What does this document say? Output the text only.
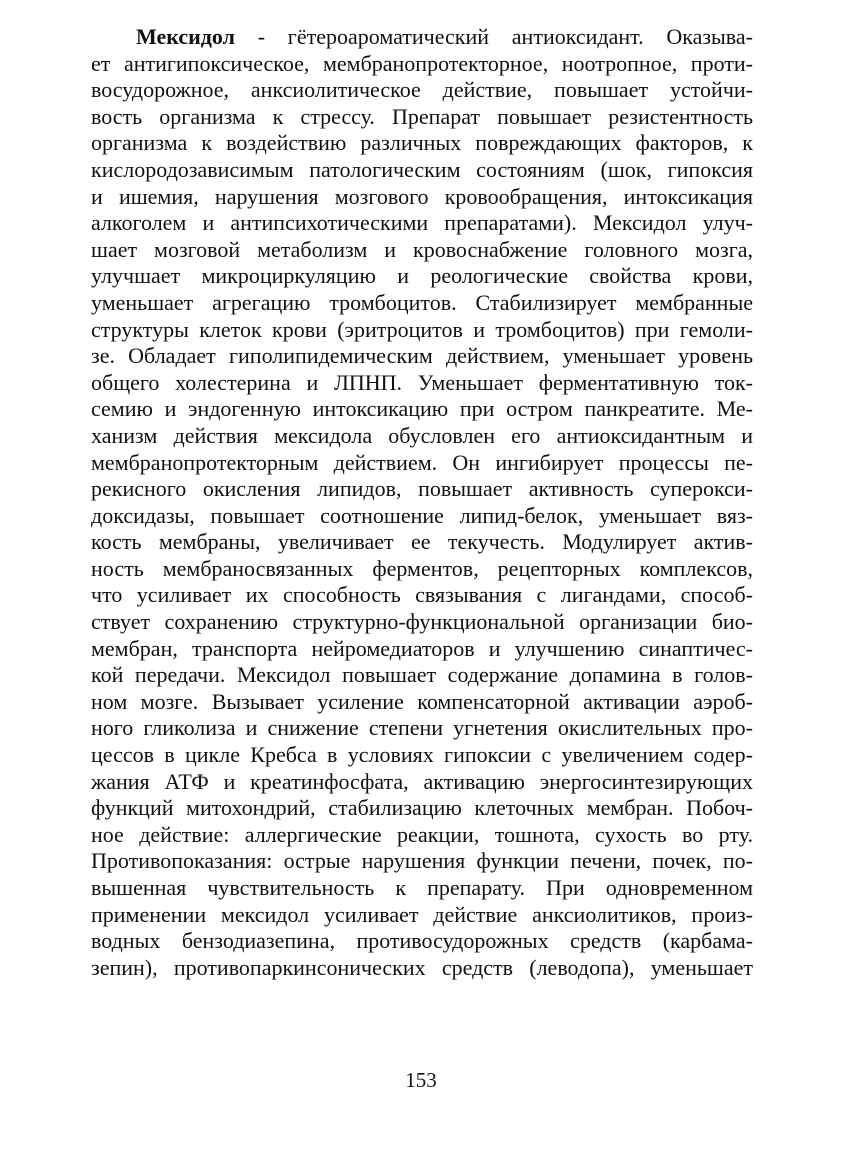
Мексидол - гётероароматический антиоксидант. Оказыва-
ет антигипоксическое, мембранопротекторное, ноотропное, проти-
восудорожное, анксиолитическое действие, повышает устойчи-
вость организма к стрессу. Препарат повышает резистентность
организма к воздействию различных повреждающих факторов, к
кислородозависимым патологическим состояниям (шок, гипоксия
и ишемия, нарушения мозгового кровообращения, интоксикация
алкоголем и антипсихотическими препаратами). Мексидол улуч-
шает мозговой метаболизм и кровоснабжение головного мозга,
улучшает микроциркуляцию и реологические свойства крови,
уменьшает агрегацию тромбоцитов. Стабилизирует мембранные
структуры клеток крови (эритроцитов и тромбоцитов) при гемоли-
зе. Обладает гиполипидемическим действием, уменьшает уровень
общего холестерина и ЛПНП. Уменьшает ферментативную ток-
семию и эндогенную интоксикацию при остром панкреатите. Ме-
ханизм действия мексидола обусловлен его антиоксидантным и
мембранопротекторным действием. Он ингибирует процессы пе-
рекисного окисления липидов, повышает активность суперокси-
доксидазы, повышает соотношение липид-белок, уменьшает вяз-
кость мембраны, увеличивает ее текучесть. Модулирует актив-
ность мембраносвязанных ферментов, рецепторных комплексов,
что усиливает их способность связывания с лигандами, способ-
ствует сохранению структурно-функциональной организации био-
мембран, транспорта нейромедиаторов и улучшению синаптичес-
кой передачи. Мексидол повышает содержание допамина в голов-
ном мозге. Вызывает усиление компенсаторной активации аэроб-
ного гликолиза и снижение степени угнетения окислительных про-
цессов в цикле Кребса в условиях гипоксии с увеличением содер-
жания АТФ и креатинфосфата, активацию энергосинтезирующих
функций митохондрий, стабилизацию клеточных мембран. Побоч-
ное действие: аллергические реакции, тошнота, сухость во рту.
Противопоказания: острые нарушения функции печени, почек, по-
вышенная чувствительность к препарату. При одновременном
применении мексидол усиливает действие анксиолитиков, произ-
водных бензодиазепина, противосудорожных средств (карбама-
зепин), противопаркинсонических средств (леводопа), уменьшает
153
